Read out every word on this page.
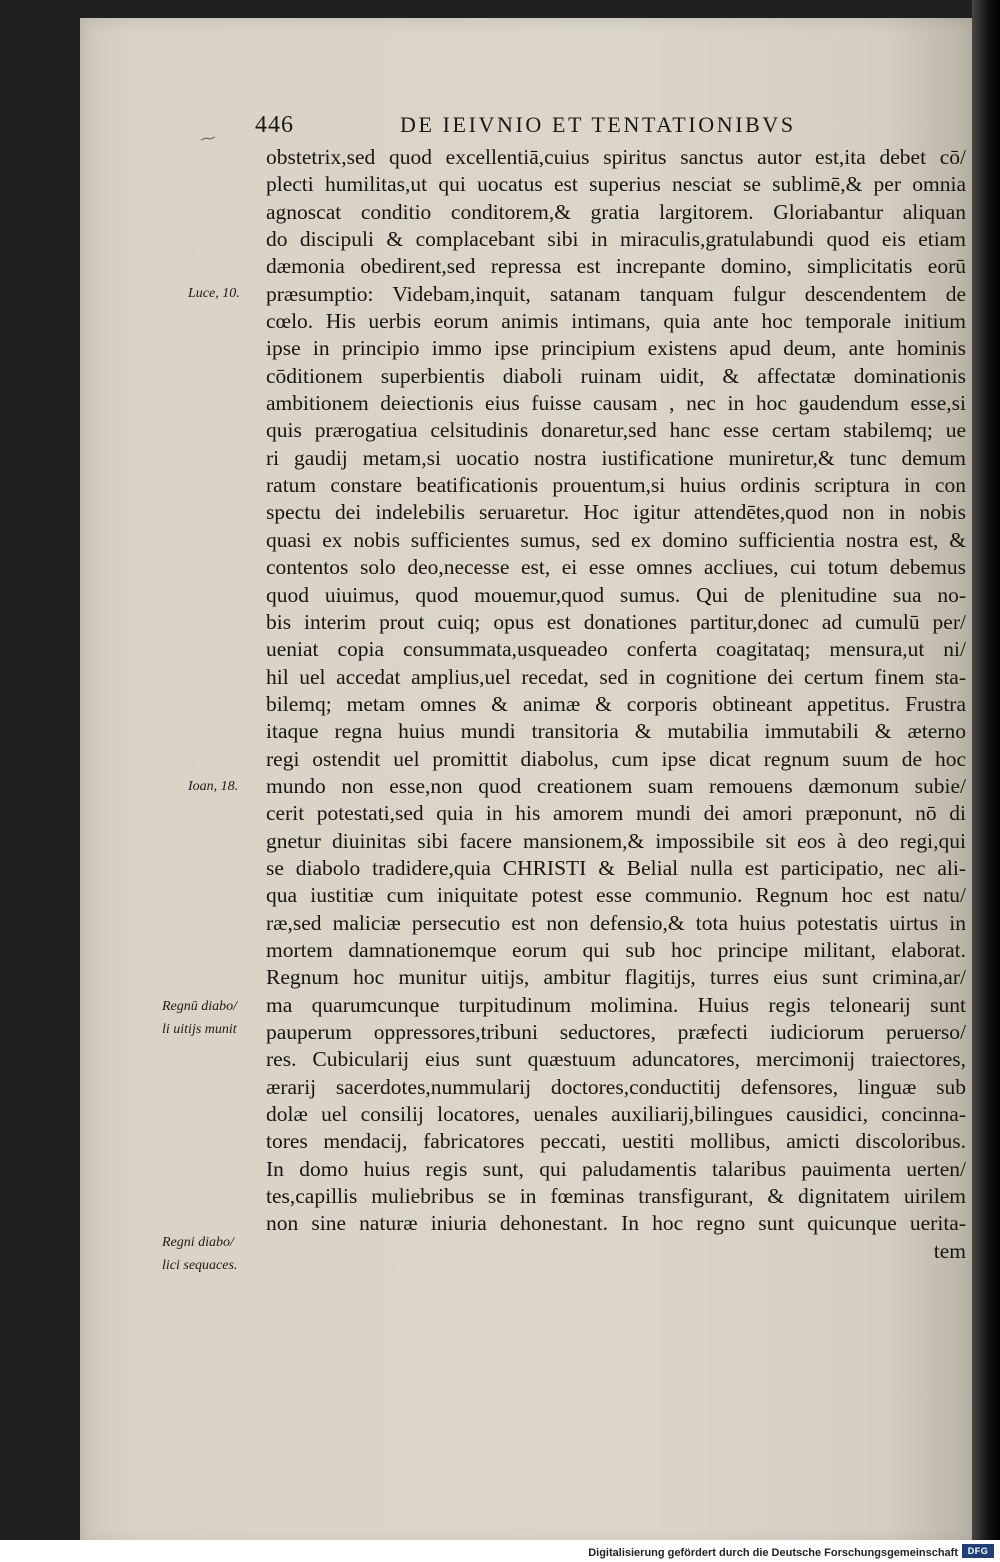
446	DE IEIVNIO ET TENTATIONIBVS
Luce, 10.
Ioan, 18.
Regnū diabo/
li uitijs munit
Regni diabo/
lici sequaces.
obstetrix,sed quod excellentiā,cuius spiritus sanctus autor est,ita debet cō/
plecti humilitas,ut qui uocatus est superius nesciat se sublimē,& per omnia
agnoscat conditio conditorem,& gratia largitorem. Gloriabantur aliquan
do discipuli & complacebant sibi in miraculis,gratulabundi quod eis etiam
dæmonia obedirent,sed repressa est increpante domino, simplicitatis eorū
præsumptio: Videbam,inquit, satanam tanquam fulgur descendentem de
cœlo. His uerbis eorum animis intimans, quia ante hoc temporale initium
ipse in principio immo ipse principium existens apud deum, ante hominis
cōditionem superbientis diaboli ruinam uidit, & affectatæ dominationis
ambitionem deiectionis eius fuisse causam , nec in hoc gaudendum esse,si
quis prærogatiua celsitudinis donaretur,sed hanc esse certam stabilemq; ue
ri gaudij metam,si uocatio nostra iustificatione muniretur,& tunc demum
ratum constare beatificationis prouentum,si huius ordinis scriptura in con
spectu dei indelebilis seruaretur. Hoc igitur attendētes,quod non in nobis
quasi ex nobis sufficientes sumus, sed ex domino sufficientia nostra est, &
contentos solo deo,necesse est, ei esse omnes accliues, cui totum debemus
quod uiuimus, quod mouemur,quod sumus. Qui de plenitudine sua no-
bis interim prout cuiq; opus est donationes partitur,donec ad cumulū per/
ueniat copia consummata,usqueadeo conferta coagitataq; mensura,ut ni/
hil uel accedat amplius,uel recedat, sed in cognitione dei certum finem sta-
bilemq; metam omnes & animæ & corporis obtineant appetitus. Frustra
itaque regna huius mundi transitoria & mutabilia immutabili & æterno
regi ostendit uel promittit diabolus, cum ipse dicat regnum suum de hoc
mundo non esse,non quod creationem suam remouens dæmonum subie/
cerit potestati,sed quia in his amorem mundi dei amori præponunt, nō di
gnetur diuinitas sibi facere mansionem,& impossibile sit eos à deo regi,qui
se diabolo tradidere,quia CHRISTI & Belial nulla est participatio, nec ali-
qua iustitiæ cum iniquitate potest esse communio. Regnum hoc est natu/
ræ,sed maliciæ persecutio est non defensio,& tota huius potestatis uirtus in
mortem damnationemque eorum qui sub hoc principe militant, elaborat.
Regnum hoc munitur uitijs, ambitur flagitijs, turres eius sunt crimina,ar/
ma quarumcunque turpitudinum molimina. Huius regis telonearij sunt
pauperum oppressores,tribuni seductores, præfecti iudiciorum peruerso/
res. Cubicularij eius sunt quæstuum aduncatores, mercimonij traiectores,
ærarij sacerdotes,nummularij doctores,conductitij defensores, linguæ sub
dolæ uel consilij locatores, uenales auxiliarij,bilingues causidici, concinna-
tores mendacij, fabricatores peccati, uestiti mollibus, amicti discoloribus.
In domo huius regis sunt, qui paludamentis talaribus pauimenta uerten/
tes,capillis muliebribus se in fœminas transfigurant, & dignitatem uirilem
non sine naturæ iniuria dehonestant. In hoc regno sunt quicunque uerita-
tem
Digitalisierung gefördert durch die Deutsche Forschungsgemeinschaft	DFG
